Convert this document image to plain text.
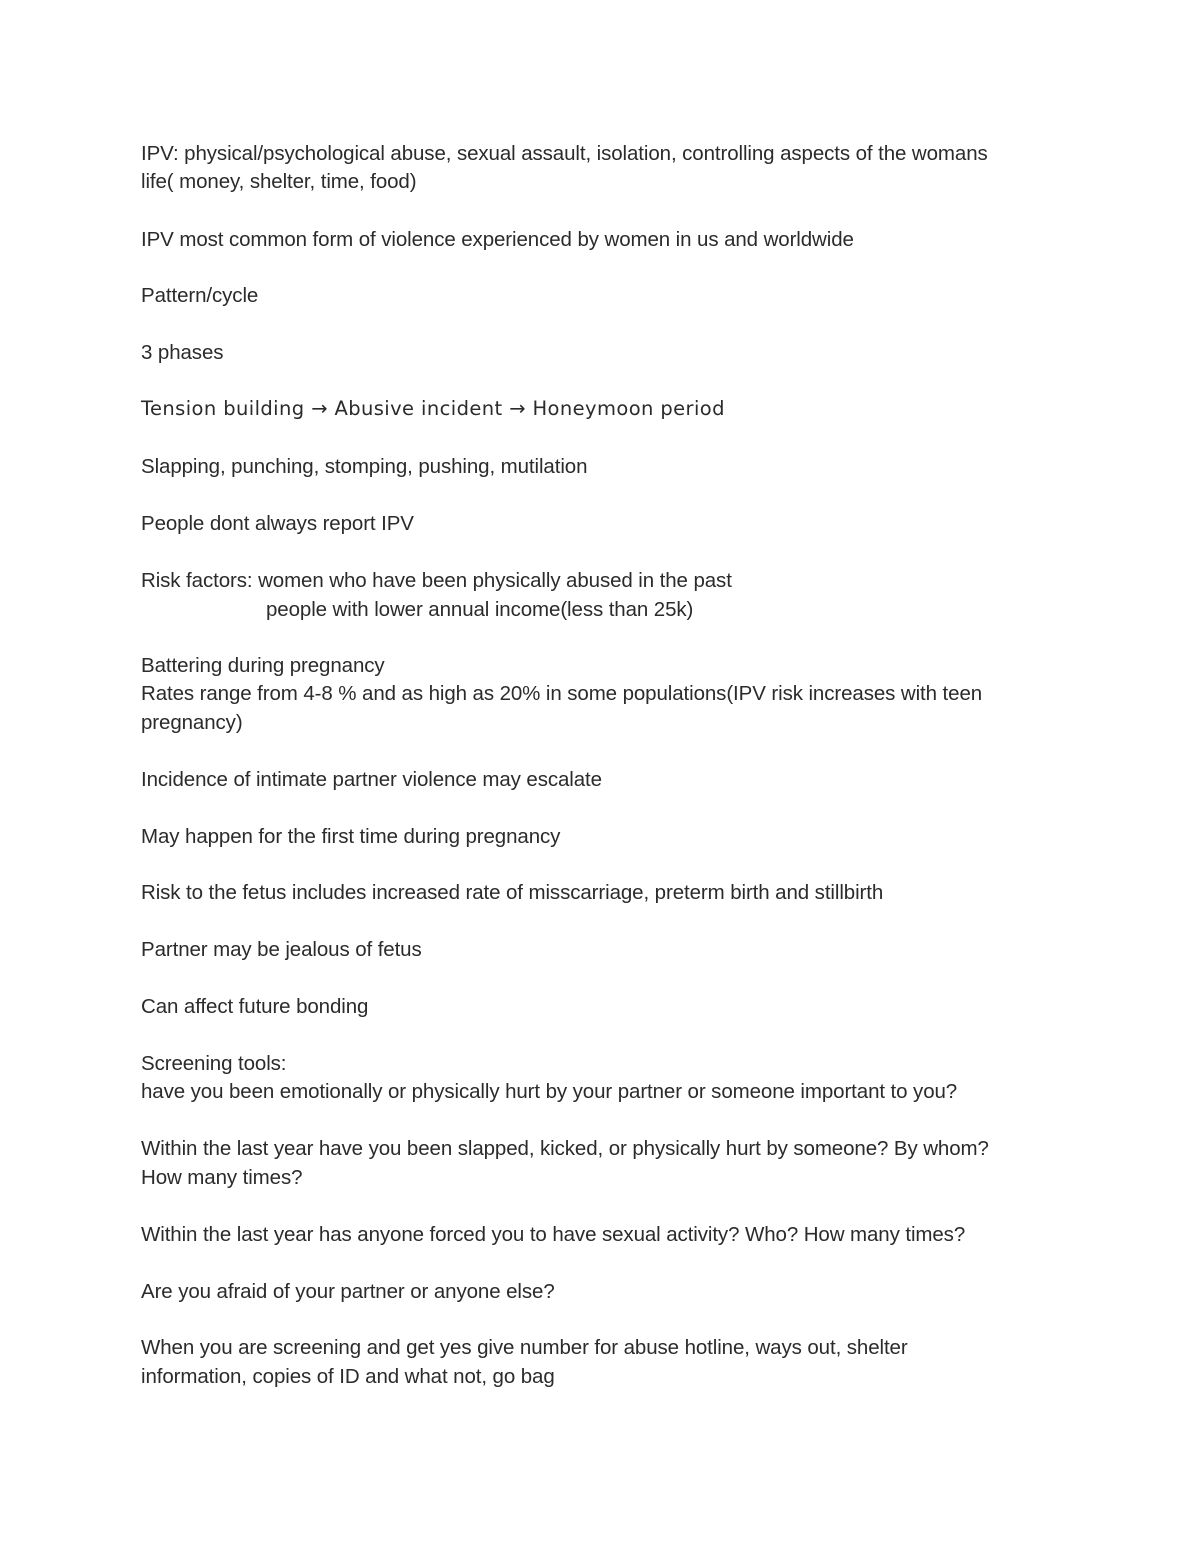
IPV: physical/psychological abuse, sexual assault, isolation, controlling aspects of the womans
life( money, shelter, time, food)
IPV most common form of violence experienced by women in us and worldwide
Pattern/cycle
3 phases
Tension building → Abusive incident → Honeymoon period
Slapping, punching, stomping, pushing, mutilation
People dont always report IPV
Risk factors: women who have been physically abused in the past
people with lower annual income(less than 25k)
Battering during pregnancy
Rates range from 4-8 % and as high as 20% in some populations(IPV risk increases with teen
pregnancy)
Incidence of intimate partner violence may escalate
May happen for the first time during pregnancy
Risk to the fetus includes increased rate of misscarriage, preterm birth and stillbirth
Partner may be jealous of fetus
Can affect future bonding
Screening tools:
have you been emotionally or physically hurt by your partner or someone important to you?
Within the last year have you been slapped, kicked, or physically hurt by someone? By whom?
How many times?
Within the last year has anyone forced you to have sexual activity? Who? How many times?
Are you afraid of your partner or anyone else?
When you are screening and get yes give number for abuse hotline, ways out, shelter
information, copies of ID and what not, go bag
